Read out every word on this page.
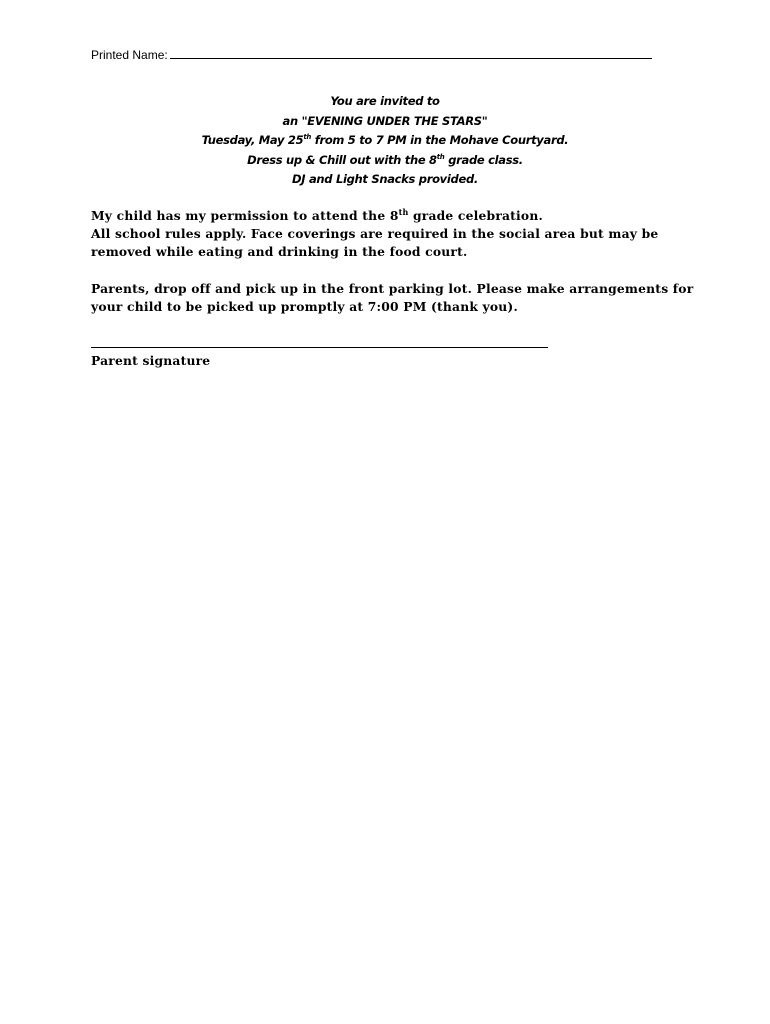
Printed Name:
You are invited to
an "EVENING UNDER THE STARS"
Tuesday, May 25th from 5 to 7 PM in the Mohave Courtyard.
Dress up & Chill out with the 8th grade class.
DJ and Light Snacks provided.
My child has my permission to attend the 8th grade celebration.
All school rules apply. Face coverings are required in the social area but may be removed while eating and drinking in the food court.
Parents, drop off and pick up in the front parking lot. Please make arrangements for your child to be picked up promptly at 7:00 PM (thank you).
Parent signature
